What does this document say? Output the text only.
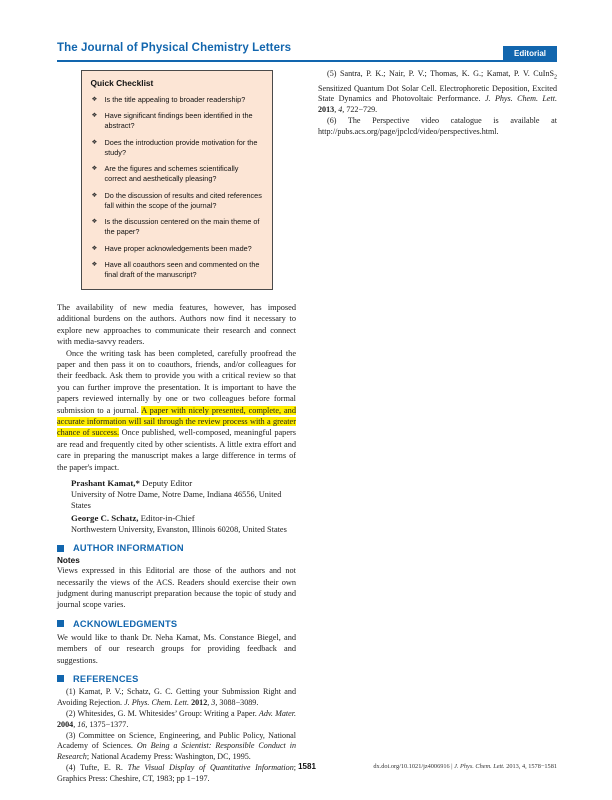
The Journal of Physical Chemistry Letters	Editorial
Quick Checklist
❖ Is the title appealing to broader readership?
❖ Have significant findings been identified in the abstract?
❖ Does the introduction provide motivation for the study?
❖ Are the figures and schemes scientifically correct and aesthetically pleasing?
❖ Do the discussion of results and cited references fall within the scope of the journal?
❖ Is the discussion centered on the main theme of the paper?
❖ Have proper acknowledgements been made?
❖ Have all coauthors seen and commented on the final draft of the manuscript?

The availability of new media features, however, has imposed additional burdens on the authors. Authors now find it necessary to explore new approaches to communicate their research and connect with media-savvy readers.

Once the writing task has been completed, carefully proofread the paper and then pass it on to coauthors, friends, and/or colleagues for their feedback. Ask them to provide you with a critical review so that you can further improve the presentation. It is important to have the papers reviewed internally by one or two colleagues before formal submission to a journal. A paper with nicely presented, complete, and accurate information will sail through the review process with a greater chance of success. Once published, well-composed, meaningful papers are read and frequently cited by other scientists. A little extra effort and care in preparing the manuscript makes a large difference in terms of the paper's impact.

Prashant Kamat,* Deputy Editor
University of Notre Dame, Notre Dame, Indiana 46556, United States
George C. Schatz, Editor-in-Chief
Northwestern University, Evanston, Illinois 60208, United States
AUTHOR INFORMATION
Notes

Views expressed in this Editorial are those of the authors and not necessarily the views of the ACS. Readers should exercise their own judgment during manuscript preparation because the topic of study and journal scope varies.

ACKNOWLEDGMENTS

We would like to thank Dr. Neha Kamat, Ms. Constance Biegel, and members of our research groups for providing feedback and suggestions.

REFERENCES

(1) Kamat, P. V.; Schatz, G. C. Getting your Submission Right and Avoiding Rejection. J. Phys. Chem. Lett. 2012, 3, 3088−3089.

(2) Whitesides, G. M. Whitesides’ Group: Writing a Paper. Adv. Mater. 2004, 16, 1375−1377.

(3) Committee on Science, Engineering, and Public Policy, National Academy of Sciences. On Being a Scientist: Responsible Conduct in Research; National Academy Press: Washington, DC, 1995.

(4) Tufte, E. R. The Visual Display of Quantitative Information; Graphics Press: Cheshire, CT, 1983; pp 1−197.

(5) Santra, P. K.; Nair, P. V.; Thomas, K. G.; Kamat, P. V. CuInS$_2$ Sensitized Quantum Dot Solar Cell. Electrophoretic Deposition, Excited State Dynamics and Photovoltaic Performance. J. Phys. Chem. Lett. 2013, 4, 722−729.

(6) The Perspective video catalogue is available at http://pubs.acs.org/page/jpclcd/video/perspectives.html.

1581	dx.doi.org/10.1021/jz4006916 | J. Phys. Chem. Lett. 2013, 4, 1578−1581
